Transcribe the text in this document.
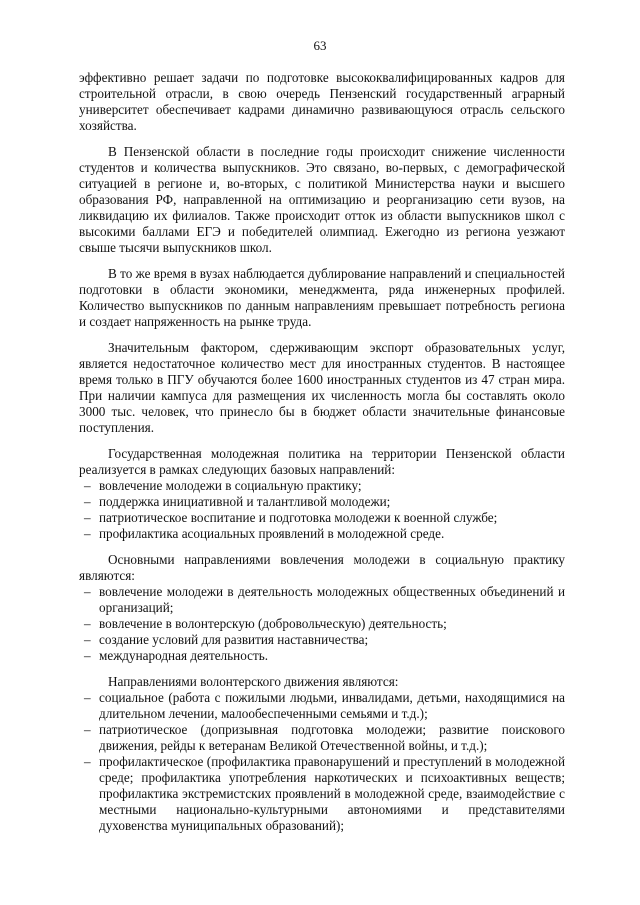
63

эффективно решает задачи по подготовке высококвалифицированных кадров для строительной отрасли, в свою очередь Пензенский государственный аграрный университет обеспечивает кадрами динамично развивающуюся отрасль сельского хозяйства.

В Пензенской области в последние годы происходит снижение численности студентов и количества выпускников. Это связано, во-первых, с демографической ситуацией в регионе и, во-вторых, с политикой Министерства науки и высшего образования РФ, направленной на оптимизацию и реорганизацию сети вузов, на ликвидацию их филиалов. Также происходит отток из области выпускников школ с высокими баллами ЕГЭ и победителей олимпиад. Ежегодно из региона уезжают свыше тысячи выпускников школ.

В то же время в вузах наблюдается дублирование направлений и специальностей подготовки в области экономики, менеджмента, ряда инженерных профилей. Количество выпускников по данным направлениям превышает потребность региона и создает напряженность на рынке труда.

Значительным фактором, сдерживающим экспорт образовательных услуг, является недостаточное количество мест для иностранных студентов. В настоящее время только в ПГУ обучаются более 1600 иностранных студентов из 47 стран мира. При наличии кампуса для размещения их численность могла бы составлять около 3000 тыс. человек, что принесло бы в бюджет области значительные финансовые поступления.

Государственная молодежная политика на территории Пензенской области реализуется в рамках следующих базовых направлений:

– вовлечение молодежи в социальную практику;
– поддержка инициативной и талантливой молодежи;
– патриотическое воспитание и подготовка молодежи к военной службе;
– профилактика асоциальных проявлений в молодежной среде.

Основными направлениями вовлечения молодежи в социальную практику являются:

– вовлечение молодежи в деятельность молодежных общественных объединений и организаций;
– вовлечение в волонтерскую (добровольческую) деятельность;
– создание условий для развития наставничества;
– международная деятельность.

Направлениями волонтерского движения являются:

– социальное (работа с пожилыми людьми, инвалидами, детьми, находящимися на длительном лечении, малообеспеченными семьями и т.д.);
– патриотическое (допризывная подготовка молодежи; развитие поискового движения, рейды к ветеранам Великой Отечественной войны, и т.д.);
– профилактическое (профилактика правонарушений и преступлений в молодежной среде; профилактика употребления наркотических и психоактивных веществ; профилактика экстремистских проявлений в молодежной среде, взаимодействие с местными национально-культурными автономиями и представителями духовенства муниципальных образований);
